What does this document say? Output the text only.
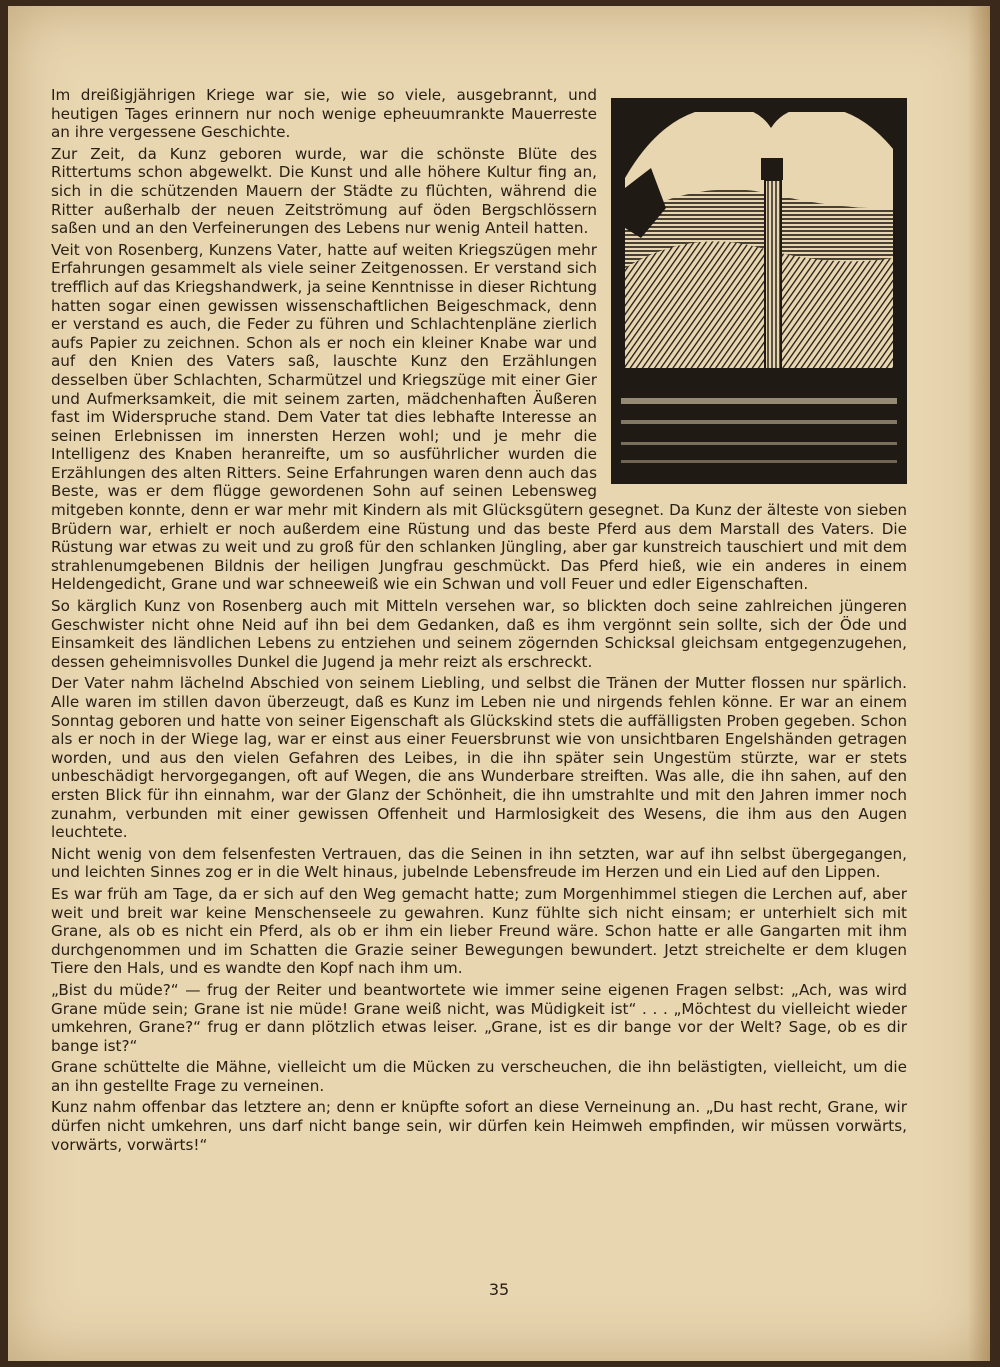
Im dreißigjährigen Kriege war sie, wie so viele, ausgebrannt, und heutigen Tages erinnern nur noch wenige epheuumrankte Mauerreste an ihre vergessene Geschichte.

Zur Zeit, da Kunz geboren wurde, war die schönste Blüte des Rittertums schon abgewelkt. Die Kunst und alle höhere Kultur fing an, sich in die schützenden Mauern der Städte zu flüchten, während die Ritter außerhalb der neuen Zeitströmung auf öden Bergschlössern saßen und an den Verfeinerungen des Lebens nur wenig Anteil hatten.

Veit von Rosenberg, Kunzens Vater, hatte auf weiten Kriegszügen mehr Erfahrungen gesammelt als viele seiner Zeitgenossen. Er verstand sich trefflich auf das Kriegshandwerk, ja seine Kenntnisse in dieser Richtung hatten sogar einen gewissen wissenschaftlichen Beigeschmack, denn er verstand es auch, die Feder zu führen und Schlachtenpläne zierlich aufs Papier zu zeichnen. Schon als er noch ein kleiner Knabe war und auf den Knien des Vaters saß, lauschte Kunz den Erzählungen desselben über Schlachten, Scharmützel und Kriegszüge mit einer Gier und Aufmerksamkeit, die mit seinem zarten, mädchenhaften Äußeren fast im Widerspruche stand. Dem Vater tat dies lebhafte Interesse an seinen Erlebnissen im innersten Herzen wohl; und je mehr die Intelligenz des Knaben heranreifte, um so ausführlicher wurden die Erzählungen des alten Ritters. Seine Erfahrungen waren denn auch das Beste, was er dem flügge gewordenen Sohn auf seinen Lebensweg mitgeben konnte, denn er war mehr mit Kindern als mit Glücksgütern gesegnet. Da Kunz der älteste von sieben Brüdern war, erhielt er noch außerdem eine Rüstung und das beste Pferd aus dem Marstall des Vaters. Die Rüstung war etwas zu weit und zu groß für den schlanken Jüngling, aber gar kunstreich tauschiert und mit dem strahlenumgebenen Bildnis der heiligen Jungfrau geschmückt. Das Pferd hieß, wie ein anderes in einem Heldengedicht, Grane und war schneeweiß wie ein Schwan und voll Feuer und edler Eigenschaften.

So kärglich Kunz von Rosenberg auch mit Mitteln versehen war, so blickten doch seine zahlreichen jüngeren Geschwister nicht ohne Neid auf ihn bei dem Gedanken, daß es ihm vergönnt sein sollte, sich der Öde und Einsamkeit des ländlichen Lebens zu entziehen und seinem zögernden Schicksal gleichsam entgegenzugehen, dessen geheimnisvolles Dunkel die Jugend ja mehr reizt als erschreckt.

Der Vater nahm lächelnd Abschied von seinem Liebling, und selbst die Tränen der Mutter flossen nur spärlich. Alle waren im stillen davon überzeugt, daß es Kunz im Leben nie und nirgends fehlen könne. Er war an einem Sonntag geboren und hatte von seiner Eigenschaft als Glückskind stets die auffälligsten Proben gegeben. Schon als er noch in der Wiege lag, war er einst aus einer Feuersbrunst wie von unsichtbaren Engelshänden getragen worden, und aus den vielen Gefahren des Leibes, in die ihn später sein Ungestüm stürzte, war er stets unbeschädigt hervorgegangen, oft auf Wegen, die ans Wunderbare streiften. Was alle, die ihn sahen, auf den ersten Blick für ihn einnahm, war der Glanz der Schönheit, die ihn umstrahlte und mit den Jahren immer noch zunahm, verbunden mit einer gewissen Offenheit und Harmlosigkeit des Wesens, die ihm aus den Augen leuchtete.

Nicht wenig von dem felsenfesten Vertrauen, das die Seinen in ihn setzten, war auf ihn selbst übergegangen, und leichten Sinnes zog er in die Welt hinaus, jubelnde Lebensfreude im Herzen und ein Lied auf den Lippen.

Es war früh am Tage, da er sich auf den Weg gemacht hatte; zum Morgenhimmel stiegen die Lerchen auf, aber weit und breit war keine Menschenseele zu gewahren. Kunz fühlte sich nicht einsam; er unterhielt sich mit Grane, als ob es nicht ein Pferd, als ob er ihm ein lieber Freund wäre. Schon hatte er alle Gangarten mit ihm durchgenommen und im Schatten die Grazie seiner Bewegungen bewundert. Jetzt streichelte er dem klugen Tiere den Hals, und es wandte den Kopf nach ihm um.

„Bist du müde?“ — frug der Reiter und beantwortete wie immer seine eigenen Fragen selbst: „Ach, was wird Grane müde sein; Grane ist nie müde! Grane weiß nicht, was Müdigkeit ist“ . . . „Möchtest du vielleicht wieder umkehren, Grane?“ frug er dann plötzlich etwas leiser. „Grane, ist es dir bange vor der Welt? Sage, ob es dir bange ist?“

Grane schüttelte die Mähne, vielleicht um die Mücken zu verscheuchen, die ihn belästigten, vielleicht, um die an ihn gestellte Frage zu verneinen.

Kunz nahm offenbar das letztere an; denn er knüpfte sofort an diese Verneinung an. „Du hast recht, Grane, wir dürfen nicht umkehren, uns darf nicht bange sein, wir dürfen kein Heimweh empfinden, wir müssen vorwärts, vorwärts, vorwärts!“

35
